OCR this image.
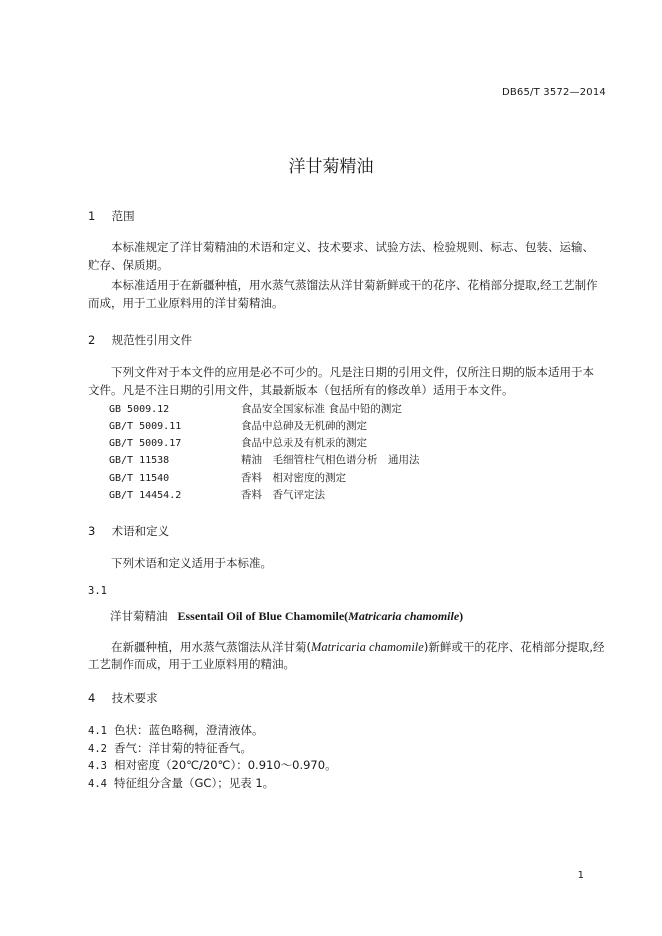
DB65/T 3572—2014
洋甘菊精油
1 范围
本标准规定了洋甘菊精油的术语和定义、技术要求、试验方法、检验规则、标志、包装、运输、贮存、保质期。
本标准适用于在新疆种植，用水蒸气蒸馏法从洋甘菊新鲜或干的花序、花梢部分提取,经工艺制作而成，用于工业原料用的洋甘菊精油。
2 规范性引用文件
下列文件对于本文件的应用是必不可少的。凡是注日期的引用文件，仅所注日期的版本适用于本文件。凡是不注日期的引用文件，其最新版本（包括所有的修改单）适用于本文件。
GB 5009.12	食品安全国家标准 食品中铅的测定
GB/T 5009.11	食品中总砷及无机砷的测定
GB/T 5009.17	食品中总汞及有机汞的测定
GB/T 11538	精油　毛细管柱气相色谱分析　通用法
GB/T 11540	香料　相对密度的测定
GB/T 14454.2	香料　香气评定法
3 术语和定义
下列术语和定义适用于本标准。
3.1
洋甘菊精油 Essentail Oil of Blue Chamomile(Matricaria chamomile)
在新疆种植，用水蒸气蒸馏法从洋甘菊(Matricaria chamomile)新鲜或干的花序、花梢部分提取,经
工艺制作而成，用于工业原料用的精油。
4 技术要求
4.1 色状：蓝色略稠，澄清液体。
4.2 香气：洋甘菊的特征香气。
4.3 相对密度（20℃/20℃）：0.910～0.970。
4.4 特征组分含量（GC）；见表 1。
1
